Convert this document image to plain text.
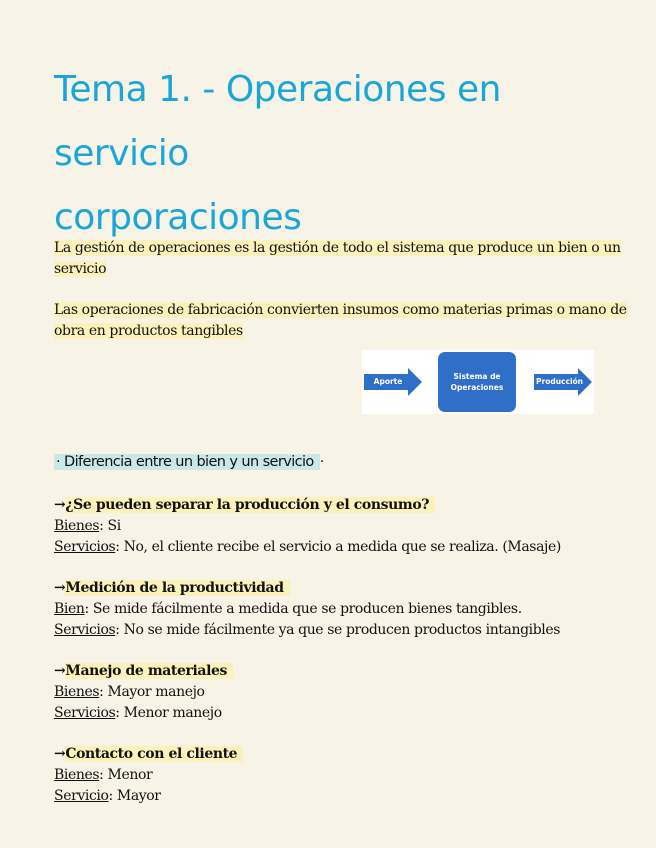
Tema 1. - Operaciones en servicio
corporaciones
La gestión de operaciones es la gestión de todo el sistema que produce un bien o un servicio
Las operaciones de fabricación convierten insumos como materias primas o mano de obra en productos tangibles
Aporte
Sistema de
Operaciones
Producción
· Diferencia entre un bien y un servicio ·
→¿Se pueden separar la producción y el consumo?
Bienes: Si
Servicios: No, el cliente recibe el servicio a medida que se realiza. (Masaje)
→Medición de la productividad
Bien: Se mide fácilmente a medida que se producen bienes tangibles.
Servicios: No se mide fácilmente ya que se producen productos intangibles
→Manejo de materiales
Bienes: Mayor manejo
Servicios: Menor manejo
→Contacto con el cliente
Bienes: Menor
Servicio: Mayor
